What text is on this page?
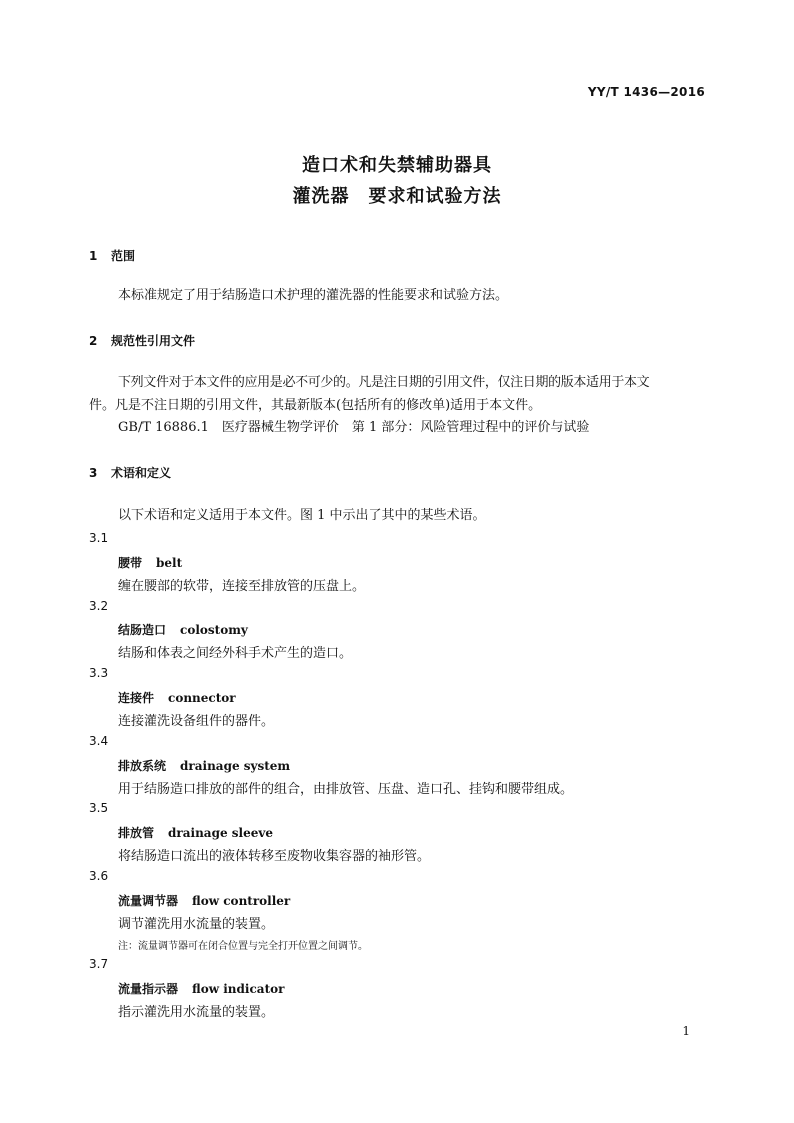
YY/T 1436—2016
造口术和失禁辅助器具
灌洗器　要求和试验方法
1 范围
本标准规定了用于结肠造口术护理的灌洗器的性能要求和试验方法。
2 规范性引用文件
下列文件对于本文件的应用是必不可少的。凡是注日期的引用文件，仅注日期的版本适用于本文
件。凡是不注日期的引用文件，其最新版本(包括所有的修改单)适用于本文件。
GB/T 16886.1　医疗器械生物学评价　第 1 部分：风险管理过程中的评价与试验
3 术语和定义
以下术语和定义适用于本文件。图 1 中示出了其中的某些术语。
3.1
腰带 belt
缠在腰部的软带，连接至排放管的压盘上。
3.2
结肠造口 colostomy
结肠和体表之间经外科手术产生的造口。
3.3
连接件 connector
连接灌洗设备组件的器件。
3.4
排放系统 drainage system
用于结肠造口排放的部件的组合，由排放管、压盘、造口孔、挂钩和腰带组成。
3.5
排放管 drainage sleeve
将结肠造口流出的液体转移至废物收集容器的袖形管。
3.6
流量调节器 flow controller
调节灌洗用水流量的装置。
注：流量调节器可在闭合位置与完全打开位置之间调节。
3.7
流量指示器 flow indicator
指示灌洗用水流量的装置。
1
